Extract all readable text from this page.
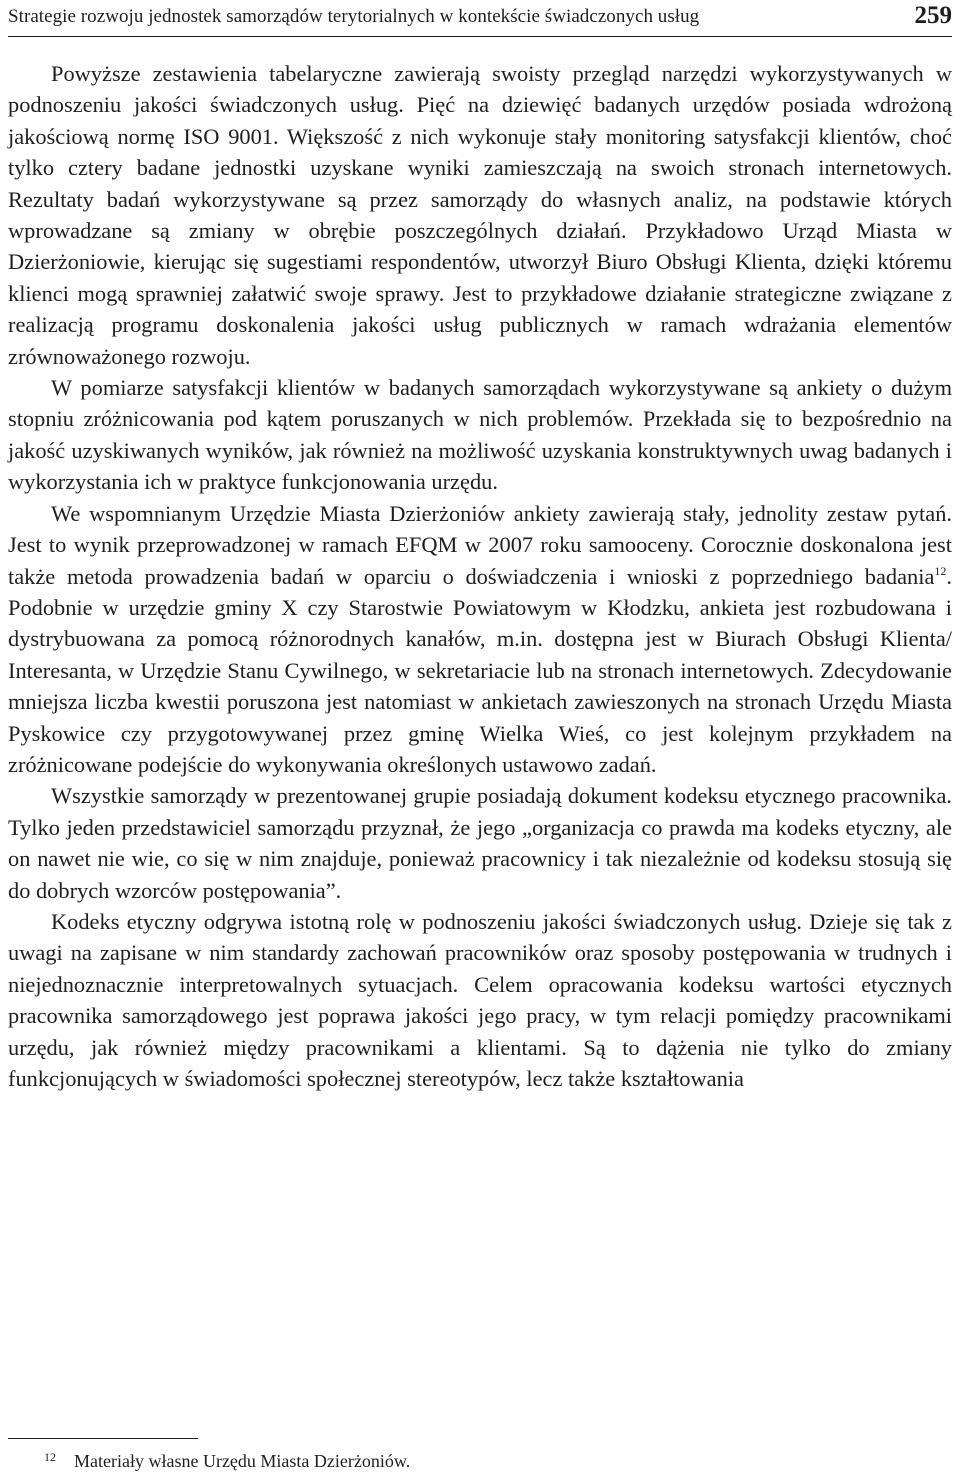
Strategie rozwoju jednostek samorządów terytorialnych w kontekście świadczonych usług	259

Powyższe zestawienia tabelaryczne zawierają swoisty przegląd narzędzi wykorzystywanych w podnoszeniu jakości świadczonych usług. Pięć na dziewięć badanych urzędów posiada wdrożoną jakościową normę ISO 9001. Większość z nich wykonuje stały monitoring satysfakcji klientów, choć tylko cztery badane jednostki uzyskane wyniki zamieszczają na swoich stronach internetowych. Rezultaty badań wykorzystywane są przez samorządy do własnych analiz, na podstawie których wprowadzane są zmiany w obrębie poszczególnych działań. Przykładowo Urząd Miasta w Dzierżoniowie, kierując się sugestiami respondentów, utworzył Biuro Obsługi Klienta, dzięki któremu klienci mogą sprawniej załatwić swoje sprawy. Jest to przykładowe działanie strategiczne związane z realizacją programu doskonalenia jakości usług publicznych w ramach wdrażania elementów zrównoważonego rozwoju.

W pomiarze satysfakcji klientów w badanych samorządach wykorzystywane są ankiety o dużym stopniu zróżnicowania pod kątem poruszanych w nich problemów. Przekłada się to bezpośrednio na jakość uzyskiwanych wyników, jak również na możliwość uzyskania konstruktywnych uwag badanych i wykorzystania ich w praktyce funkcjonowania urzędu.

We wspomnianym Urzędzie Miasta Dzierżoniów ankiety zawierają stały, jednolity zestaw pytań. Jest to wynik przeprowadzonej w ramach EFQM w 2007 roku samooceny. Corocznie doskonalona jest także metoda prowadzenia badań w oparciu o doświadczenia i wnioski z poprzedniego badania$^{12}$. Podobnie w urzędzie gminy X czy Starostwie Powiatowym w Kłodzku, ankieta jest rozbudowana i dystrybuowana za pomocą różnorodnych kanałów, m.in. dostępna jest w Biurach Obsługi Klienta/ Interesanta, w Urzędzie Stanu Cywilnego, w sekretariacie lub na stronach internetowych. Zdecydowanie mniejsza liczba kwestii poruszona jest natomiast w ankietach zawieszonych na stronach Urzędu Miasta Pyskowice czy przygotowywanej przez gminę Wielka Wieś, co jest kolejnym przykładem na zróżnicowane podejście do wykonywania określonych ustawowo zadań.

Wszystkie samorządy w prezentowanej grupie posiadają dokument kodeksu etycznego pracownika. Tylko jeden przedstawiciel samorządu przyznał, że jego „organizacja co prawda ma kodeks etyczny, ale on nawet nie wie, co się w nim znajduje, ponieważ pracownicy i tak niezależnie od kodeksu stosują się do dobrych wzorców postępowania”.

Kodeks etyczny odgrywa istotną rolę w podnoszeniu jakości świadczonych usług. Dzieje się tak z uwagi na zapisane w nim standardy zachowań pracowników oraz sposoby postępowania w trudnych i niejednoznacznie interpretowalnych sytuacjach. Celem opracowania kodeksu wartości etycznych pracownika samorządowego jest poprawa jakości jego pracy, w tym relacji pomiędzy pracownikami urzędu, jak również między pracownikami a klientami. Są to dążenia nie tylko do zmiany funkcjonujących w świadomości społecznej stereotypów, lecz także kształtowania

12 Materiały własne Urzędu Miasta Dzierżoniów.
